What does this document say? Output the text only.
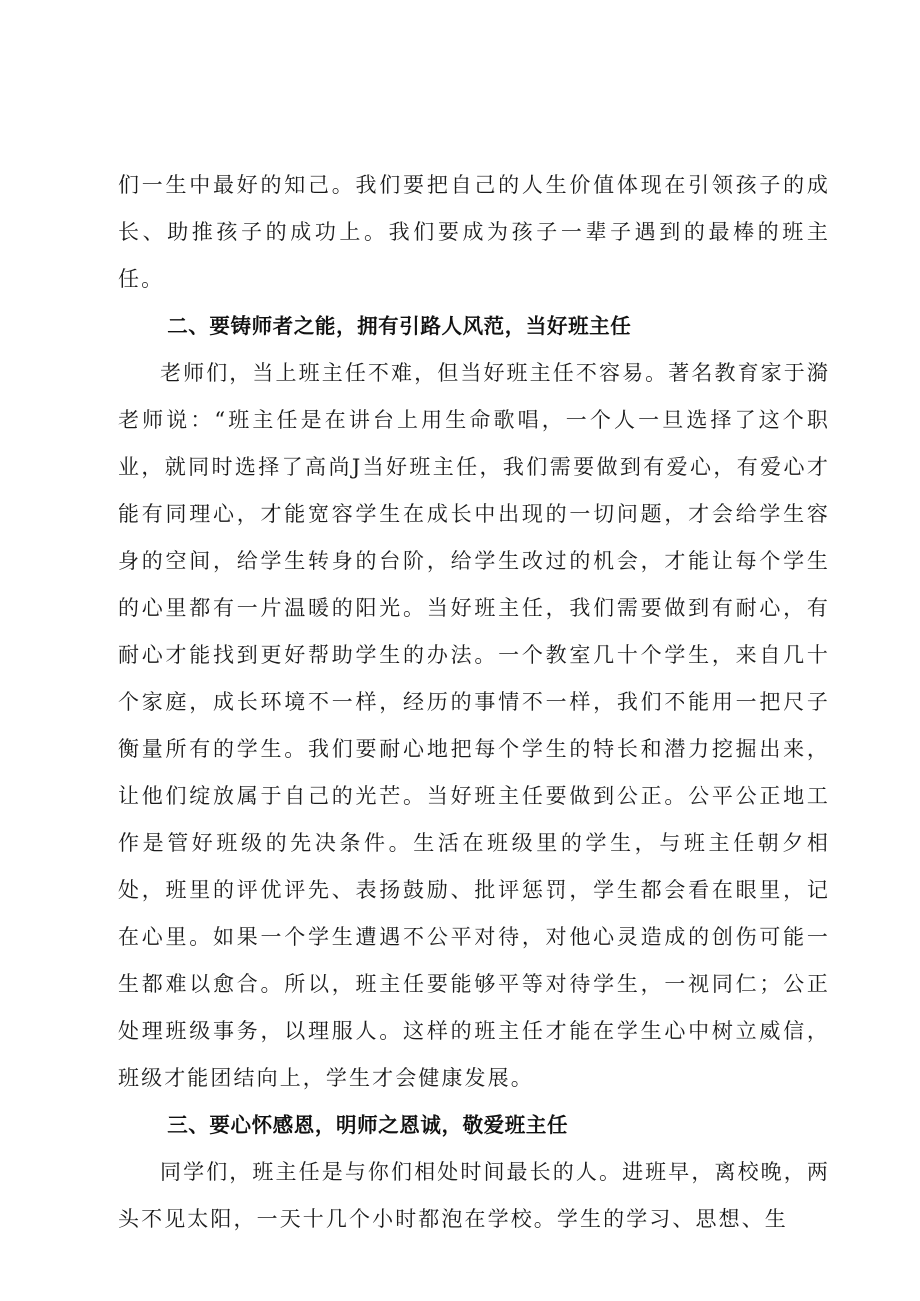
们一生中最好的知己。我们要把自己的人生价值体现在引领孩子的成长、助推孩子的成功上。我们要成为孩子一辈子遇到的最棒的班主任。

二、要铸师者之能，拥有引路人风范，当好班主任

老师们，当上班主任不难，但当好班主任不容易。著名教育家于漪老师说：“班主任是在讲台上用生命歌唱，一个人一旦选择了这个职业，就同时选择了高尚J当好班主任，我们需要做到有爱心，有爱心才能有同理心，才能宽容学生在成长中出现的一切问题，才会给学生容身的空间，给学生转身的台阶，给学生改过的机会，才能让每个学生的心里都有一片温暖的阳光。当好班主任，我们需要做到有耐心，有耐心才能找到更好帮助学生的办法。一个教室几十个学生，来自几十个家庭，成长环境不一样，经历的事情不一样，我们不能用一把尺子衡量所有的学生。我们要耐心地把每个学生的特长和潜力挖掘出来，让他们绽放属于自己的光芒。当好班主任要做到公正。公平公正地工作是管好班级的先决条件。生活在班级里的学生，与班主任朝夕相处，班里的评优评先、表扬鼓励、批评惩罚，学生都会看在眼里，记在心里。如果一个学生遭遇不公平对待，对他心灵造成的创伤可能一生都难以愈合。所以，班主任要能够平等对待学生，一视同仁；公正处理班级事务，以理服人。这样的班主任才能在学生心中树立威信，班级才能团结向上，学生才会健康发展。

三、要心怀感恩，明师之恩诚，敬爱班主任

同学们，班主任是与你们相处时间最长的人。进班早，离校晚，两头不见太阳，一天十几个小时都泡在学校。学生的学习、思想、生
